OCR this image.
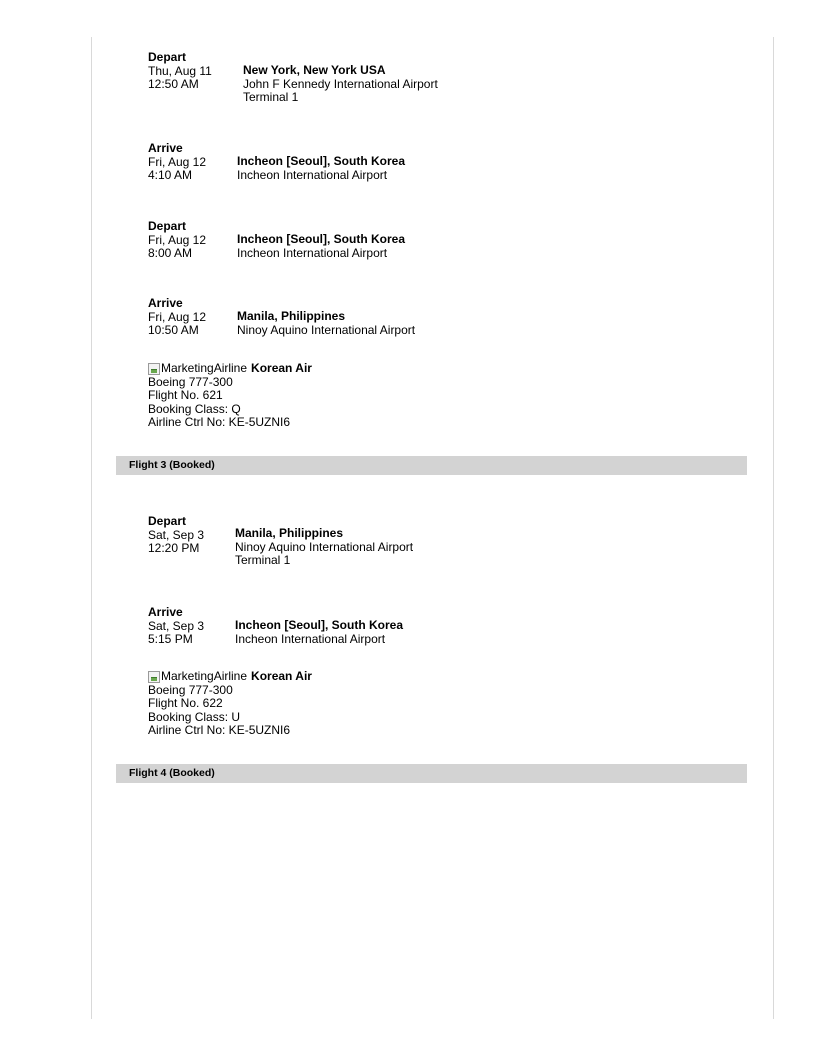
Depart
Thu, Aug 11
12:50 AM
New York, New York USA
John F Kennedy International Airport
Terminal 1
Arrive
Fri, Aug 12
4:10 AM
Incheon [Seoul], South Korea
Incheon International Airport
Depart
Fri, Aug 12
8:00 AM
Incheon [Seoul], South Korea
Incheon International Airport
Arrive
Fri, Aug 12
10:50 AM
Manila, Philippines
Ninoy Aquino International Airport
MarketingAirline Korean Air
Boeing 777-300
Flight No. 621
Booking Class: Q
Airline Ctrl No: KE-5UZNI6
Flight 3 (Booked)
Depart
Sat, Sep 3
12:20 PM
Manila, Philippines
Ninoy Aquino International Airport
Terminal 1
Arrive
Sat, Sep 3
5:15 PM
Incheon [Seoul], South Korea
Incheon International Airport
MarketingAirline Korean Air
Boeing 777-300
Flight No. 622
Booking Class: U
Airline Ctrl No: KE-5UZNI6
Flight 4 (Booked)
